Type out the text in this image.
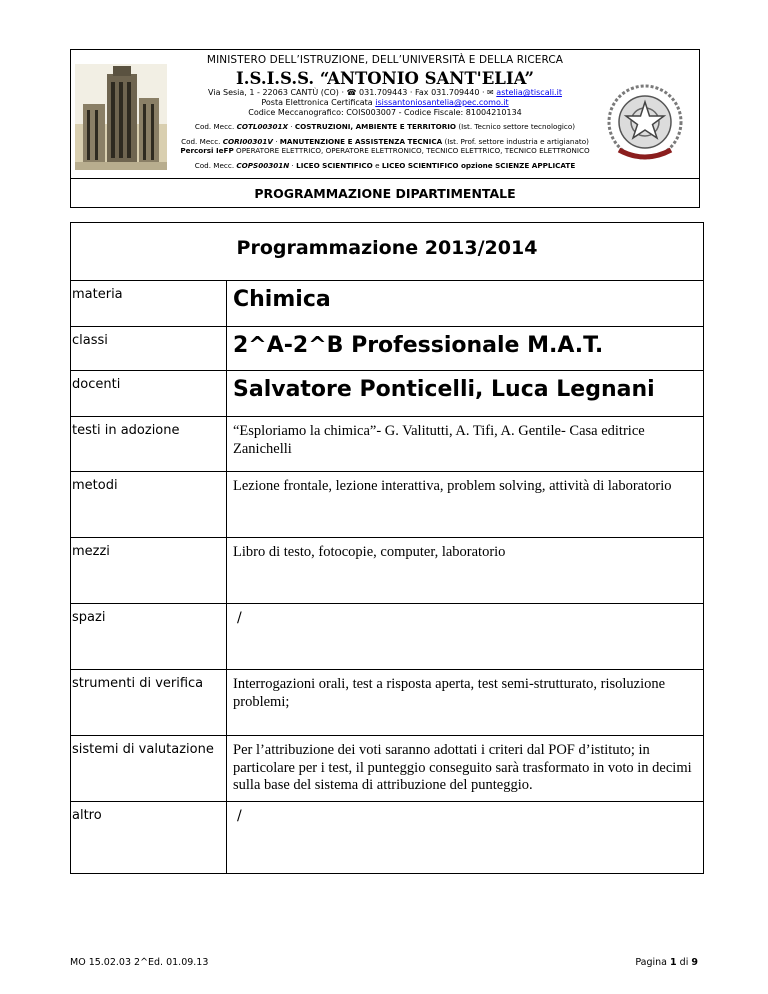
MINISTERO DELL’ISTRUZIONE, DELL’UNIVERSITÀ E DELLA RICERCA
I.S.I.S.S. “ANTONIO SANT'ELIA”
Via Sesia, 1 - 22063 CANTÙ (CO) · ☎ 031.709443 · Fax 031.709440 · ✉ astelia@tiscali.it
Posta Elettronica Certificata isissantoniosantelia@pec.como.it
Codice Meccanografico: COIS003007 - Codice Fiscale: 81004210134
Cod. Mecc. COTL00301X · COSTRUZIONI, AMBIENTE E TERRITORIO (Ist. Tecnico settore tecnologico)
Cod. Mecc. CORI00301V · MANUTENZIONE E ASSISTENZA TECNICA (Ist. Prof. settore industria e artigianato)
Percorsi IeFP OPERATORE ELETTRICO, OPERATORE ELETTRONICO, TECNICO ELETTRICO, TECNICO ELETTRONICO
Cod. Mecc. COPS00301N · LICEO SCIENTIFICO e LICEO SCIENTIFICO opzione SCIENZE APPLICATE
PROGRAMMAZIONE DIPARTIMENTALE
Programmazione 2013/2014
materia	Chimica
classi	2^A-2^B Professionale M.A.T.
docenti	Salvatore Ponticelli, Luca Legnani
testi in adozione	“Esploriamo la chimica”- G. Valitutti, A. Tifi, A. Gentile- Casa editrice Zanichelli
metodi	Lezione frontale, lezione interattiva, problem solving, attività di laboratorio
mezzi	Libro di testo, fotocopie, computer, laboratorio
spazi	/
strumenti di verifica	Interrogazioni orali, test a risposta aperta, test semi-strutturato, risoluzione problemi;
sistemi di valutazione	Per l’attribuzione dei voti saranno adottati i criteri dal POF d’istituto; in particolare per i test, il punteggio conseguito sarà trasformato in voto in decimi sulla base del sistema di attribuzione del punteggio.
altro	/
MO 15.02.03 2^Ed. 01.09.13	Pagina 1 di 9
